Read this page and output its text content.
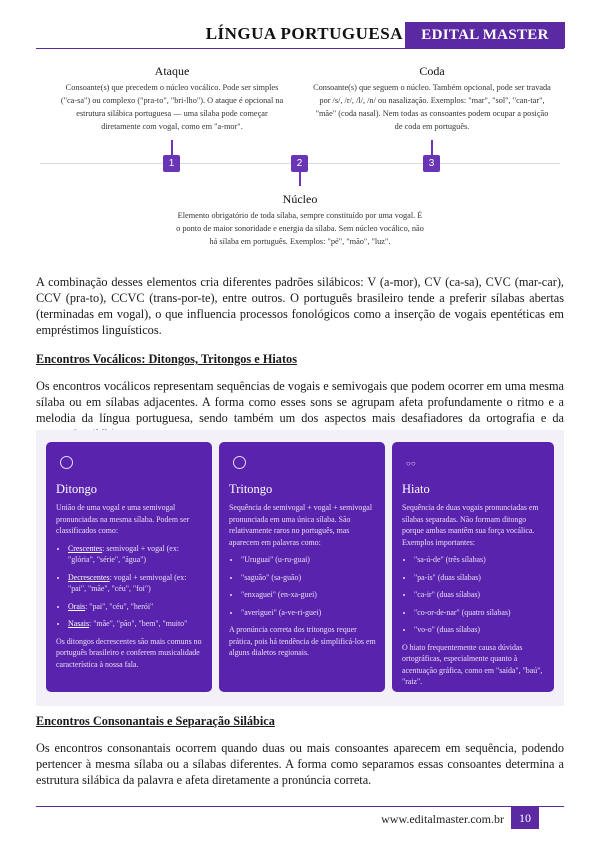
LÍNGUA PORTUGUESA	EDITAL MASTER
Ataque
Consoante(s) que precedem o núcleo vocálico. Pode ser simples ("ca-sa") ou complexo ("pra-to", "bri-lho"). O ataque é opcional na estrutura silábica portuguesa — uma sílaba pode começar diretamente com vogal, como em "a-mor".
Coda
Consoante(s) que seguem o núcleo. Também opcional, pode ser travada por /s/, /r/, /l/, /n/ ou nasalização. Exemplos: "mar", "sol", "can-tar", "mãe" (coda nasal). Nem todas as consoantes podem ocupar a posição de coda em português.
1	2	3
Núcleo
Elemento obrigatório de toda sílaba, sempre constituído por uma vogal. É o ponto de maior sonoridade e energia da sílaba. Sem núcleo vocálico, não há sílaba em português. Exemplos: "pé", "mão", "luz".
A combinação desses elementos cria diferentes padrões silábicos: V (a-mor), CV (ca-sa), CVC (mar-car), CCV (pra-to), CCVC (trans-por-te), entre outros. O português brasileiro tende a preferir sílabas abertas (terminadas em vogal), o que influencia processos fonológicos como a inserção de vogais epentéticas em empréstimos linguísticos.
Encontros Vocálicos: Ditongos, Tritongos e Hiatos
Os encontros vocálicos representam sequências de vogais e semivogais que podem ocorrer em uma mesma sílaba ou em sílabas adjacentes. A forma como esses sons se agrupam afeta profundamente o ritmo e a melodia da língua portuguesa, sendo também um dos aspectos mais desafiadores da ortografia e da
Ditongo
União de uma vogal e uma semivogal pronunciadas na mesma sílaba. Podem ser classificados como:
• Crescentes: semivogal + vogal (ex: "glória", "série", "água")
• Decrescentes: vogal + semivogal (ex: "pai", "mãe", "céu", "foi")
• Orais: "pai", "céu", "herói"
• Nasais: "mãe", "pão", "bem", "muito"
Os ditongos decrescentes são mais comuns no português brasileiro e conferem musicalidade característica à nossa fala.
Tritongo
Sequência de semivogal + vogal + semivogal pronunciada em uma única sílaba. São relativamente raros no português, mas aparecem em palavras como:
• "Uruguai" (u-ru-guai)
• "saguão" (sa-guão)
• "enxaguei" (en-xa-guei)
• "averiguei" (a-ve-ri-guei)
A pronúncia correta dos tritongos requer prática, pois há tendência de simplificá-los em alguns dialetos regionais.
○○
Hiato
Sequência de duas vogais pronunciadas em sílabas separadas. Não formam ditongo porque ambas mantêm sua força vocálica. Exemplos importantes:
• "sa-ú-de" (três sílabas)
• "pa-ís" (duas sílabas)
• "ca-ir" (duas sílabas)
• "co-or-de-nar" (quatro sílabas)
• "vo-o" (duas sílabas)
O hiato frequentemente causa dúvidas ortográficas, especialmente quanto à acentuação gráfica, como em "saída", "baú", "raiz".
Encontros Consonantais e Separação Silábica
Os encontros consonantais ocorrem quando duas ou mais consoantes aparecem em sequência, podendo pertencer à mesma sílaba ou a sílabas diferentes. A forma como separamos essas consoantes determina a estrutura silábica da palavra e afeta diretamente a pronúncia correta.
www.editalmaster.com.br	10
